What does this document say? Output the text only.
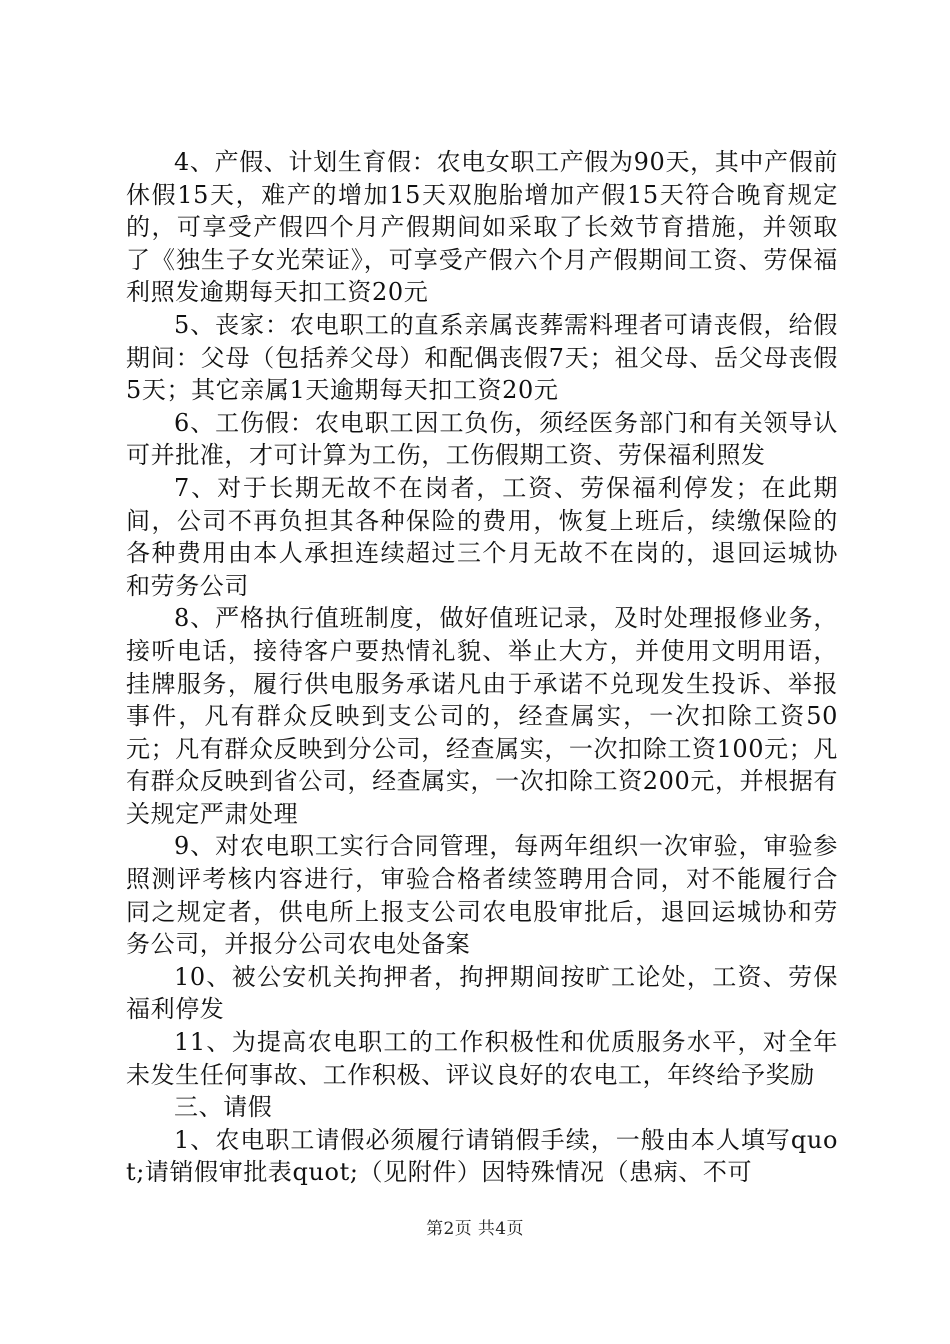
4、产假、计划生育假：农电女职工产假为90天，其中产假前休假15天，难产的增加15天双胞胎增加产假15天符合晚育规定的，可享受产假四个月产假期间如采取了长效节育措施，并领取了《独生子女光荣证》，可享受产假六个月产假期间工资、劳保福利照发逾期每天扣工资20元

5、丧家：农电职工的直系亲属丧葬需料理者可请丧假，给假期间：父母（包括养父母）和配偶丧假7天；祖父母、岳父母丧假5天；其它亲属1天逾期每天扣工资20元

6、工伤假：农电职工因工负伤，须经医务部门和有关领导认可并批准，才可计算为工伤，工伤假期工资、劳保福利照发

7、对于长期无故不在岗者，工资、劳保福利停发；在此期间，公司不再负担其各种保险的费用，恢复上班后，续缴保险的各种费用由本人承担连续超过三个月无故不在岗的，退回运城协和劳务公司

8、严格执行值班制度，做好值班记录，及时处理报修业务，接听电话，接待客户要热情礼貌、举止大方，并使用文明用语，挂牌服务，履行供电服务承诺凡由于承诺不兑现发生投诉、举报事件，凡有群众反映到支公司的，经查属实，一次扣除工资50元；凡有群众反映到分公司，经查属实，一次扣除工资100元；凡有群众反映到省公司，经查属实，一次扣除工资200元，并根据有关规定严肃处理

9、对农电职工实行合同管理，每两年组织一次审验，审验参照测评考核内容进行，审验合格者续签聘用合同，对不能履行合同之规定者，供电所上报支公司农电股审批后，退回运城协和劳务公司，并报分公司农电处备案

10、被公安机关拘押者，拘押期间按旷工论处，工资、劳保福利停发

11、为提高农电职工的工作积极性和优质服务水平，对全年未发生任何事故、工作积极、评议良好的农电工，年终给予奖励

三、请假

1、农电职工请假必须履行请销假手续，一般由本人填写quot;请销假审批表quot;（见附件）因特殊情况（患病、不可

第2页 共4页
